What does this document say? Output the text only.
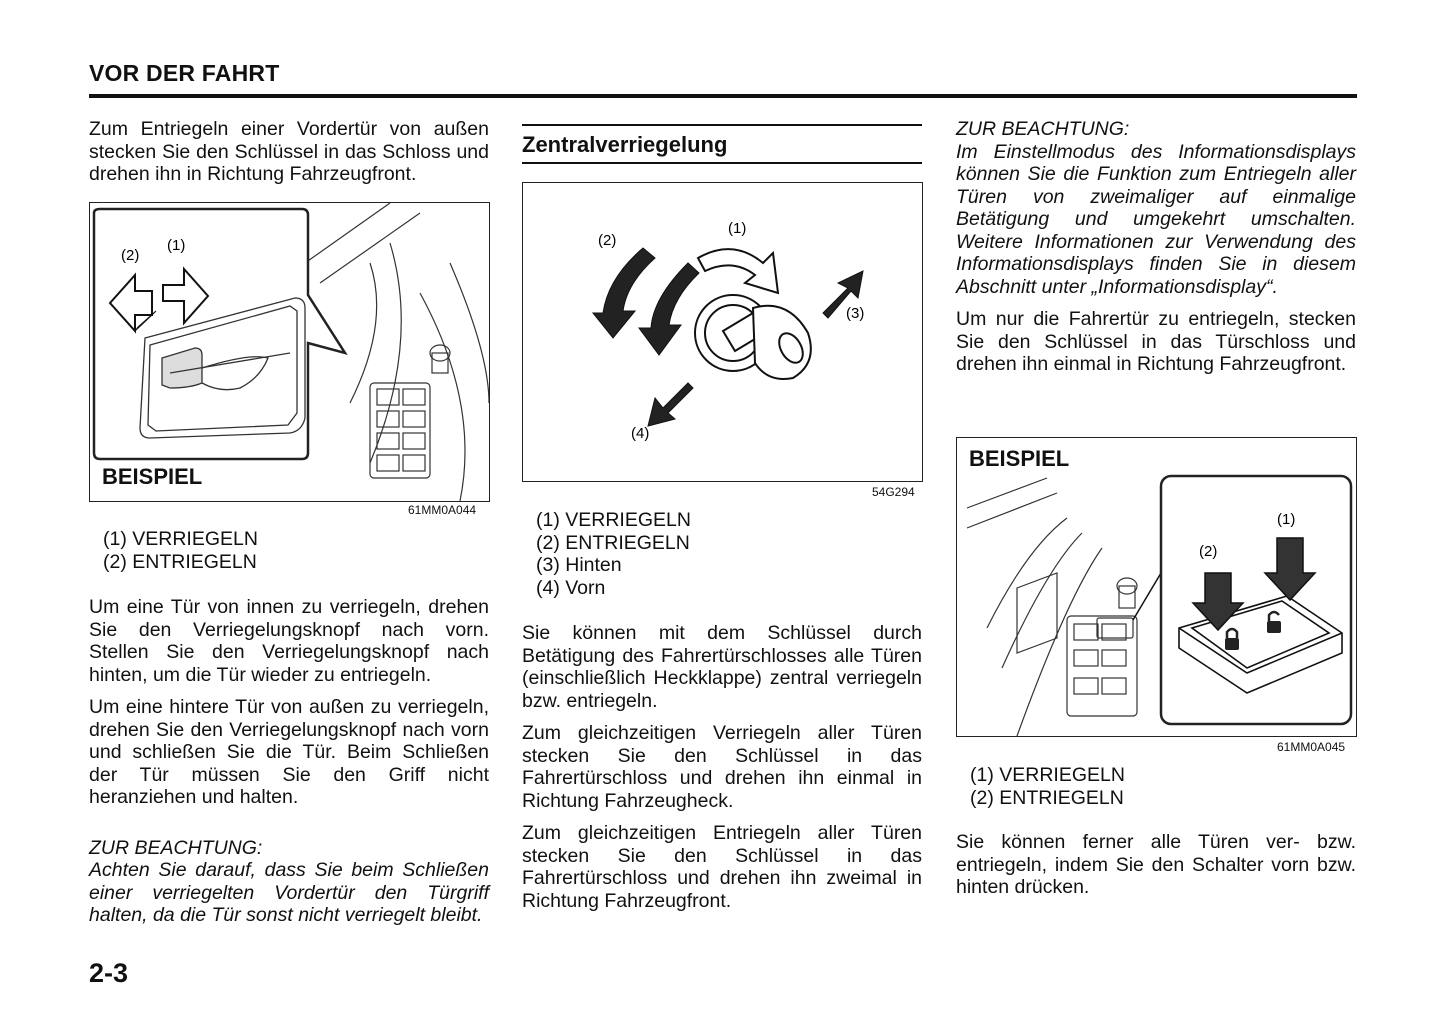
VOR DER FAHRT

Zum Entriegeln einer Vordertür von außen stecken Sie den Schlüssel in das Schloss und drehen ihn in Richtung Fahrzeugfront.

(2)
(1)
BEISPIEL
61MM0A044
(1) VERRIEGELN
(2) ENTRIEGELN

Um eine Tür von innen zu verriegeln, drehen Sie den Verriegelungsknopf nach vorn. Stellen Sie den Verriegelungsknopf nach hinten, um die Tür wieder zu entriegeln.

Um eine hintere Tür von außen zu verriegeln, drehen Sie den Verriegelungsknopf nach vorn und schließen Sie die Tür. Beim Schließen der Tür müssen Sie den Griff nicht heranziehen und halten.

ZUR BEACHTUNG:
Achten Sie darauf, dass Sie beim Schließen einer verriegelten Vordertür den Türgriff halten, da die Tür sonst nicht verriegelt bleibt.
Zentralverriegelung
(1)
(2)
(3)
(4)
54G294
(1) VERRIEGELN
(2) ENTRIEGELN
(3) Hinten
(4) Vorn

Sie können mit dem Schlüssel durch Betätigung des Fahrertürschlosses alle Türen (einschließlich Heckklappe) zentral verriegeln bzw. entriegeln.

Zum gleichzeitigen Verriegeln aller Türen stecken Sie den Schlüssel in das Fahrertürschloss und drehen ihn einmal in Richtung Fahrzeugheck.

Zum gleichzeitigen Entriegeln aller Türen stecken Sie den Schlüssel in das Fahrertürschloss und drehen ihn zweimal in Richtung Fahrzeugfront.

ZUR BEACHTUNG:
Im Einstellmodus des Informationsdisplays können Sie die Funktion zum Entriegeln aller Türen von zweimaliger auf einmalige Betätigung und umgekehrt umschalten. Weitere Informationen zur Verwendung des Informationsdisplays finden Sie in diesem Abschnitt unter „Informationsdisplay“.

Um nur die Fahrertür zu entriegeln, stecken Sie den Schlüssel in das Türschloss und drehen ihn einmal in Richtung Fahrzeugfront.

(2)
(1)
BEISPIEL
61MM0A045
(1) VERRIEGELN
(2) ENTRIEGELN

Sie können ferner alle Türen ver- bzw. entriegeln, indem Sie den Schalter vorn bzw. hinten drücken.

2-3
